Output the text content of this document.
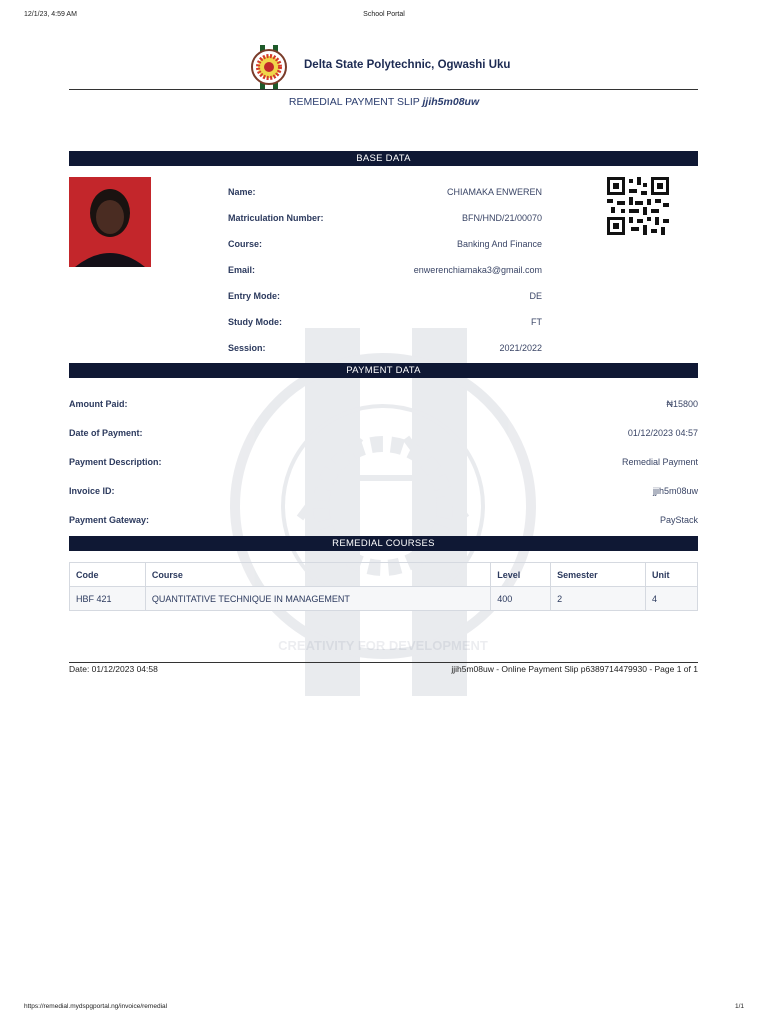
12/1/23, 4:59 AM	School Portal
CREATIVITY FOR DEVELOPMENT
Delta State Polytechnic, Ogwashi Uku
REMEDIAL PAYMENT SLIP jjih5m08uw
BASE DATA
Name:	CHIAMAKA ENWEREN
Matriculation Number:	BFN/HND/21/00070
Course:	Banking And Finance
Email:	enwerenchiamaka3@gmail.com
Entry Mode:	DE
Study Mode:	FT
Session:	2021/2022
PAYMENT DATA
Amount Paid:	₦15800
Date of Payment:	01/12/2023 04:57
Payment Description:	Remedial Payment
Invoice ID:	jjih5m08uw
Payment Gateway:	PayStack
REMEDIAL COURSES
Code	Course	Level	Semester	Unit
HBF 421	QUANTITATIVE TECHNIQUE IN MANAGEMENT	400	2	4
Date: 01/12/2023 04:58	jjih5m08uw - Online Payment Slip p6389714479930 - Page 1 of 1
https://remedial.mydspgportal.ng/invoice/remedial	1/1
